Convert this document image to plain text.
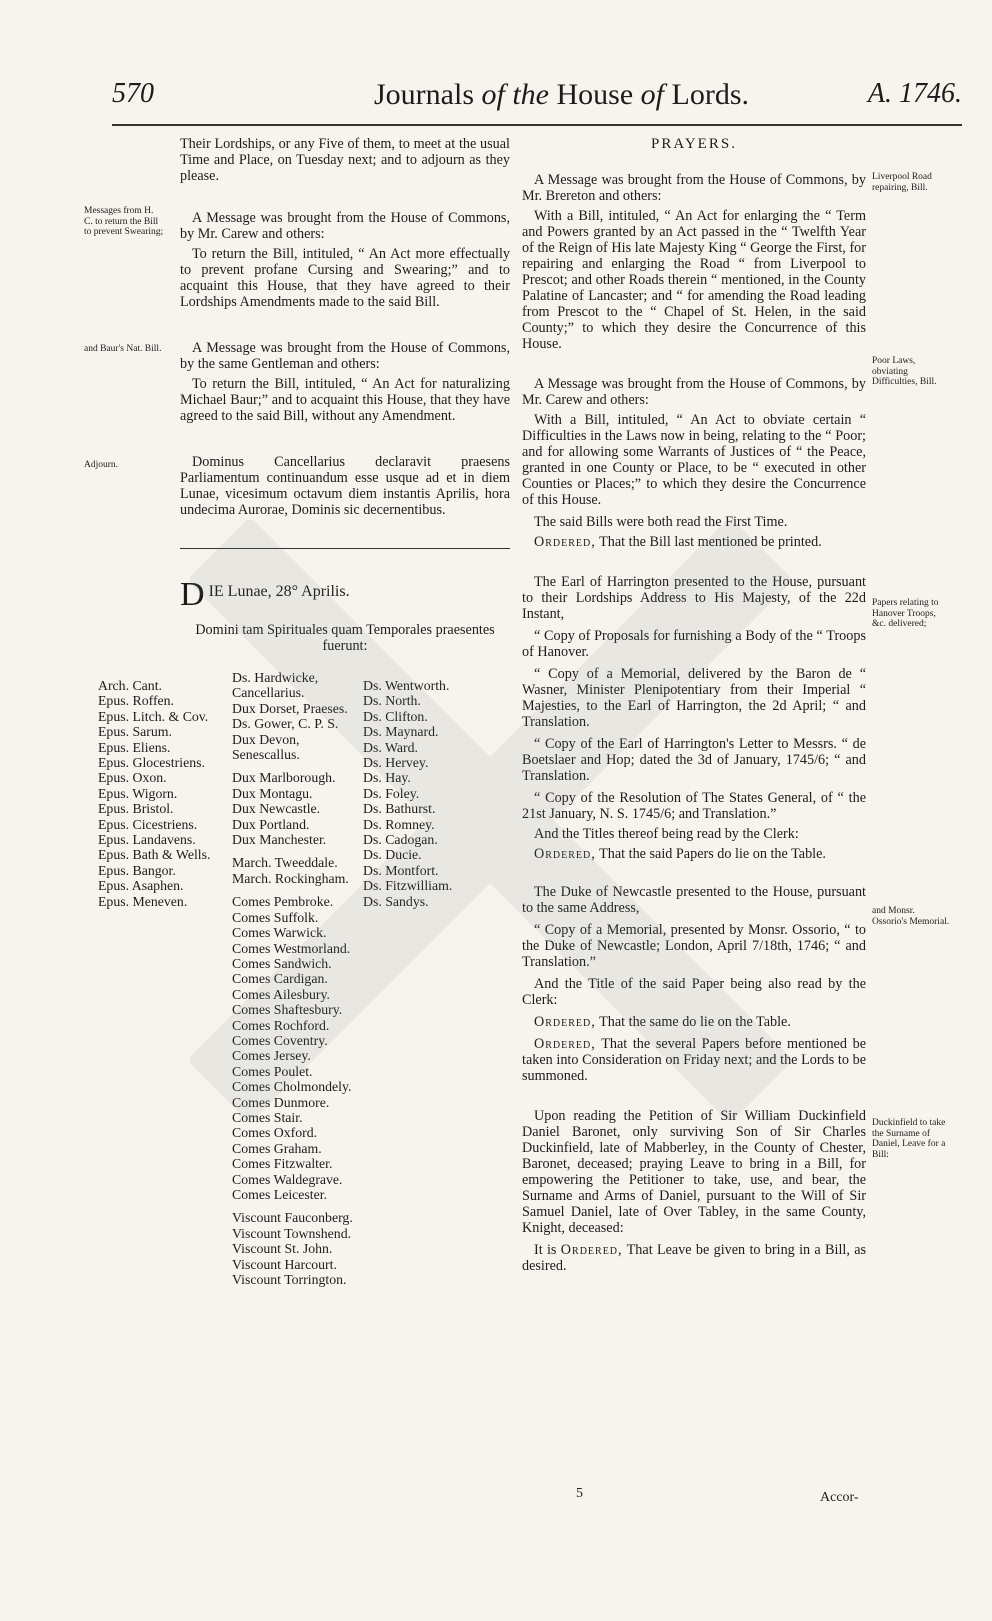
570	Journals of the House of Lords.	A. 1746.
Messages from H. C. to return the Bill to prevent Swearing;
and Baur's Nat. Bill.
Adjourn.

Their Lordships, or any Five of them, to meet at the usual Time and Place, on Tuesday next; and to adjourn as they please.

A Message was brought from the House of Commons, by Mr. Carew and others:

To return the Bill, intituled, “ An Act more effectually to prevent profane Cursing and Swearing;” and to acquaint this House, that they have agreed to their Lordships Amendments made to the said Bill.

A Message was brought from the House of Commons, by the same Gentleman and others:

To return the Bill, intituled, “ An Act for naturalizing Michael Baur;” and to acquaint this House, that they have agreed to the said Bill, without any Amendment.

Dominus Cancellarius declaravit praesens Parliamentum continuandum esse usque ad et in diem Lunae, vicesimum octavum diem instantis Aprilis, hora undecima Aurorae, Dominis sic decernentibus.

D IE Lunae, 28° Aprilis.

Domini tam Spirituales quam Temporales praesentes fuerunt:

Arch. Cant.
Epus. Roffen.
Epus. Litch. & Cov.
Epus. Sarum.
Epus. Eliens.
Epus. Glocestriens.
Epus. Oxon.
Epus. Wigorn.
Epus. Bristol.
Epus. Cicestriens.
Epus. Landavens.
Epus. Bath & Wells.
Epus. Bangor.
Epus. Asaphen.
Epus. Meneven.
Ds. Hardwicke,
Cancellarius.
Dux Dorset, Praeses.
Ds. Gower, C. P. S.
Dux Devon,
Senescallus.
Dux Marlborough.
Dux Montagu.
Dux Newcastle.
Dux Portland.
Dux Manchester.
March. Tweeddale.
March. Rockingham.
Comes Pembroke.
Comes Suffolk.
Comes Warwick.
Comes Westmorland.
Comes Sandwich.
Comes Cardigan.
Comes Ailesbury.
Comes Shaftesbury.
Comes Rochford.
Comes Coventry.
Comes Jersey.
Comes Poulet.
Comes Cholmondely.
Comes Dunmore.
Comes Stair.
Comes Oxford.
Comes Graham.
Comes Fitzwalter.
Comes Waldegrave.
Comes Leicester.
Viscount Fauconberg.
Viscount Townshend.
Viscount St. John.
Viscount Harcourt.
Viscount Torrington.
Ds. Wentworth.
Ds. North.
Ds. Clifton.
Ds. Maynard.
Ds. Ward.
Ds. Hervey.
Ds. Hay.
Ds. Foley.
Ds. Bathurst.
Ds. Romney.
Ds. Cadogan.
Ds. Ducie.
Ds. Montfort.
Ds. Fitzwilliam.
Ds. Sandys.
Liverpool Road repairing, Bill.
Poor Laws, obviating Difficulties, Bill.
Papers relating to Hanover Troops, &c. delivered;
and Monsr. Ossorio's Memorial.
Duckinfield to take the Surname of Daniel, Leave for a Bill:

PRAYERS.

A Message was brought from the House of Commons, by Mr. Brereton and others:

With a Bill, intituled, “ An Act for enlarging the “ Term and Powers granted by an Act passed in the “ Twelfth Year of the Reign of His late Majesty King “ George the First, for repairing and enlarging the Road “ from Liverpool to Prescot; and other Roads therein “ mentioned, in the County Palatine of Lancaster; and “ for amending the Road leading from Prescot to the “ Chapel of St. Helen, in the said County;” to which they desire the Concurrence of this House.

A Message was brought from the House of Commons, by Mr. Carew and others:

With a Bill, intituled, “ An Act to obviate certain “ Difficulties in the Laws now in being, relating to the “ Poor; and for allowing some Warrants of Justices of “ the Peace, granted in one County or Place, to be “ executed in other Counties or Places;” to which they desire the Concurrence of this House.

The said Bills were both read the First Time.

Ordered, That the Bill last mentioned be printed.

The Earl of Harrington presented to the House, pursuant to their Lordships Address to His Majesty, of the 22d Instant,

“ Copy of Proposals for furnishing a Body of the “ Troops of Hanover.

“ Copy of a Memorial, delivered by the Baron de “ Wasner, Minister Plenipotentiary from their Imperial “ Majesties, to the Earl of Harrington, the 2d April; “ and Translation.

“ Copy of the Earl of Harrington's Letter to Messrs. “ de Boetslaer and Hop; dated the 3d of January, 1745/6; “ and Translation.

“ Copy of the Resolution of The States General, of “ the 21st January, N. S. 1745/6; and Translation.”

And the Titles thereof being read by the Clerk:

Ordered, That the said Papers do lie on the Table.

The Duke of Newcastle presented to the House, pursuant to the same Address,

“ Copy of a Memorial, presented by Monsr. Ossorio, “ to the Duke of Newcastle; London, April 7/18th, 1746; “ and Translation.”

And the Title of the said Paper being also read by the Clerk:

Ordered, That the same do lie on the Table.

Ordered, That the several Papers before mentioned be taken into Consideration on Friday next; and the Lords to be summoned.

Upon reading the Petition of Sir William Duckinfield Daniel Baronet, only surviving Son of Sir Charles Duckinfield, late of Mabberley, in the County of Chester, Baronet, deceased; praying Leave to bring in a Bill, for empowering the Petitioner to take, use, and bear, the Surname and Arms of Daniel, pursuant to the Will of Sir Samuel Daniel, late of Over Tabley, in the same County, Knight, deceased:

It is Ordered, That Leave be given to bring in a Bill, as desired.

5	Accor-
